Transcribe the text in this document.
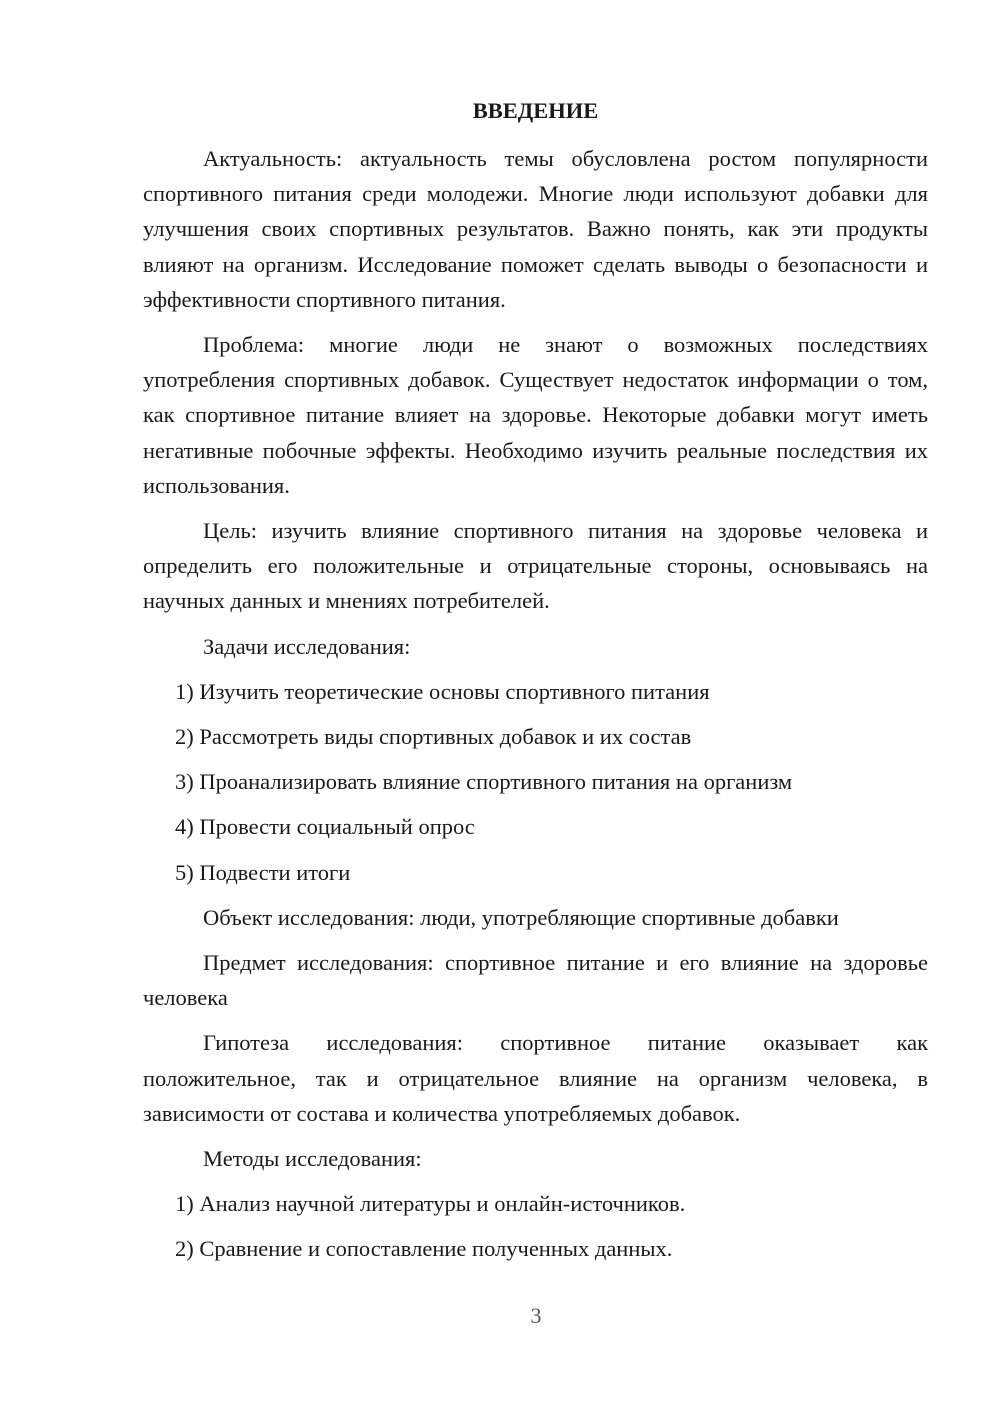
ВВЕДЕНИЕ

Актуальность: актуальность темы обусловлена ростом популярности спортивного питания среди молодежи. Многие люди используют добавки для улучшения своих спортивных результатов. Важно понять, как эти продукты влияют на организм. Исследование поможет сделать выводы о безопасности и эффективности спортивного питания.

Проблема: многие люди не знают о возможных последствиях употребления спортивных добавок. Существует недостаток информации о том, как спортивное питание влияет на здоровье. Некоторые добавки могут иметь негативные побочные эффекты. Необходимо изучить реальные последствия их использования.

Цель: изучить влияние спортивного питания на здоровье человека и определить его положительные и отрицательные стороны, основываясь на научных данных и мнениях потребителей.

Задачи исследования:

1) Изучить теоретические основы спортивного питания
2) Рассмотреть виды спортивных добавок и их состав
3) Проанализировать влияние спортивного питания на организм
4) Провести социальный опрос
5) Подвести итоги

Объект исследования: люди, употребляющие спортивные добавки

Предмет исследования: спортивное питание и его влияние на здоровье человека

Гипотеза исследования: спортивное питание оказывает как положительное, так и отрицательное влияние на организм человека, в зависимости от состава и количества употребляемых добавок.

Методы исследования:

1) Анализ научной литературы и онлайн-источников.
2) Сравнение и сопоставление полученных данных.
3
